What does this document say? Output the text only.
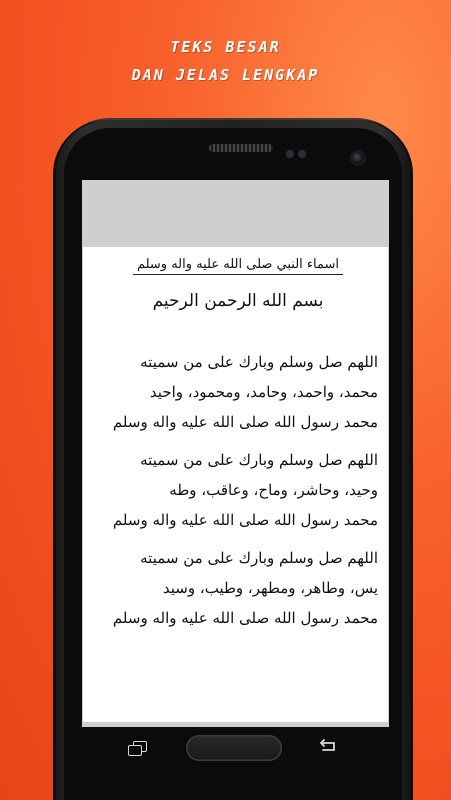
TEKS BESAR
DAN JELAS LENGKAP
اسماء النبي صلى الله عليه واله وسلم
بسم الله الرحمن الرحيم
اللهم صل وسلم وبارك على من سميته
محمد، واحمد، وحامد، ومحمود، واحيد
محمد رسول الله صلى الله عليه واله وسلم
اللهم صل وسلم وبارك على من سميته
وحيد، وحاشر، وماح، وعاقب، وطه
محمد رسول الله صلى الله عليه واله وسلم
اللهم صل وسلم وبارك على من سميته
يس، وطاهر، ومطهر، وطيب، وسيد
محمد رسول الله صلى الله عليه واله وسلم
